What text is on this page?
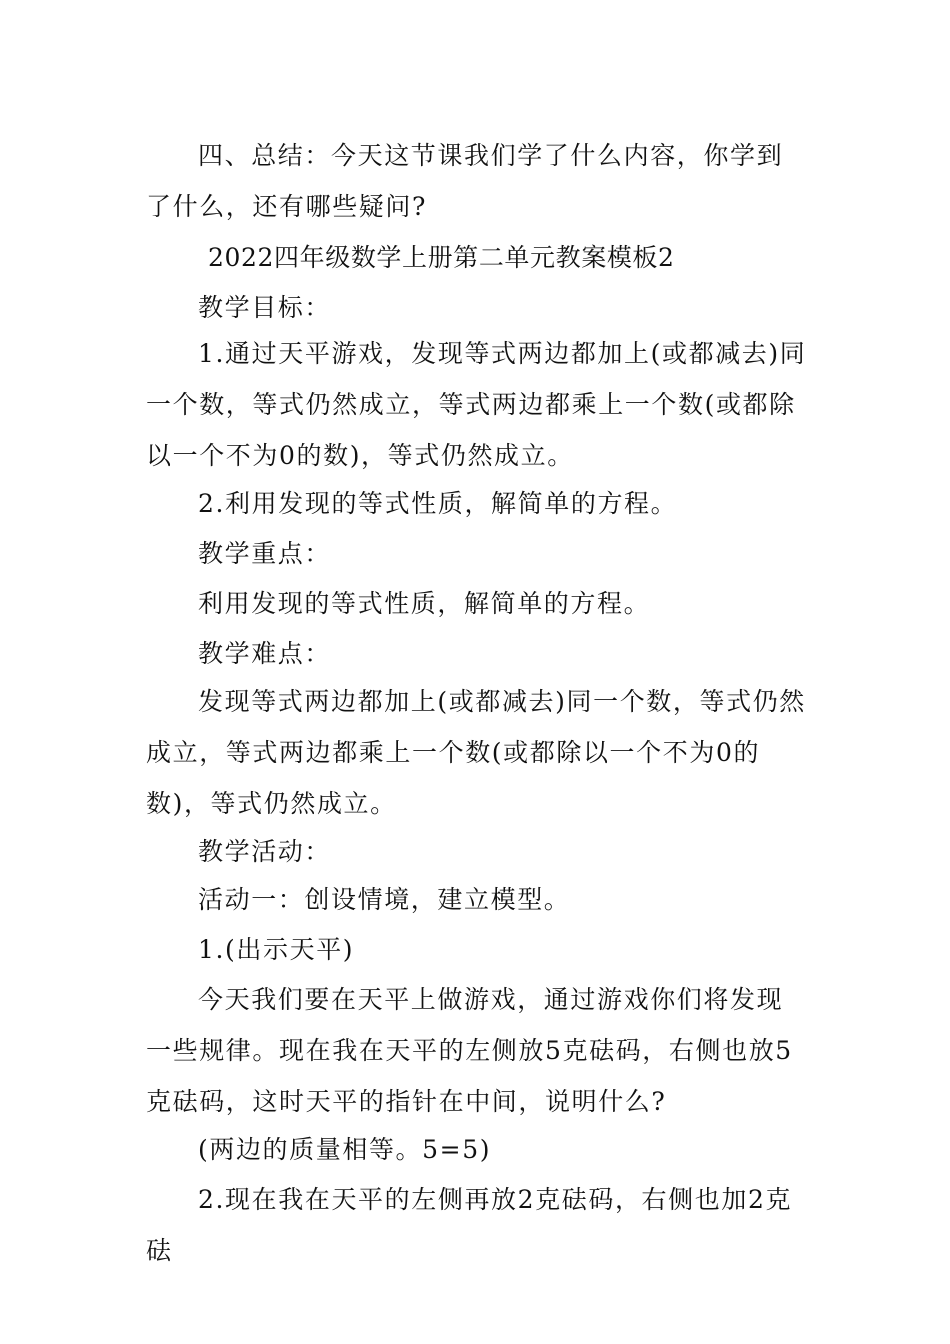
四、总结：今天这节课我们学了什么内容，你学到了什么，还有哪些疑问?

2022四年级数学上册第二单元教案模板2

教学目标：

1.通过天平游戏，发现等式两边都加上(或都减去)同一个数，等式仍然成立，等式两边都乘上一个数(或都除以一个不为0的数)，等式仍然成立。

2.利用发现的等式性质，解简单的方程。

教学重点：

利用发现的等式性质，解简单的方程。

教学难点：

发现等式两边都加上(或都减去)同一个数，等式仍然成立，等式两边都乘上一个数(或都除以一个不为0的数)，等式仍然成立。

教学活动：

活动一：创设情境，建立模型。

1.(出示天平)

今天我们要在天平上做游戏，通过游戏你们将发现一些规律。现在我在天平的左侧放5克砝码，右侧也放5克砝码，这时天平的指针在中间，说明什么?

(两边的质量相等。5=5)

2.现在我在天平的左侧再放2克砝码，右侧也加2克砝
